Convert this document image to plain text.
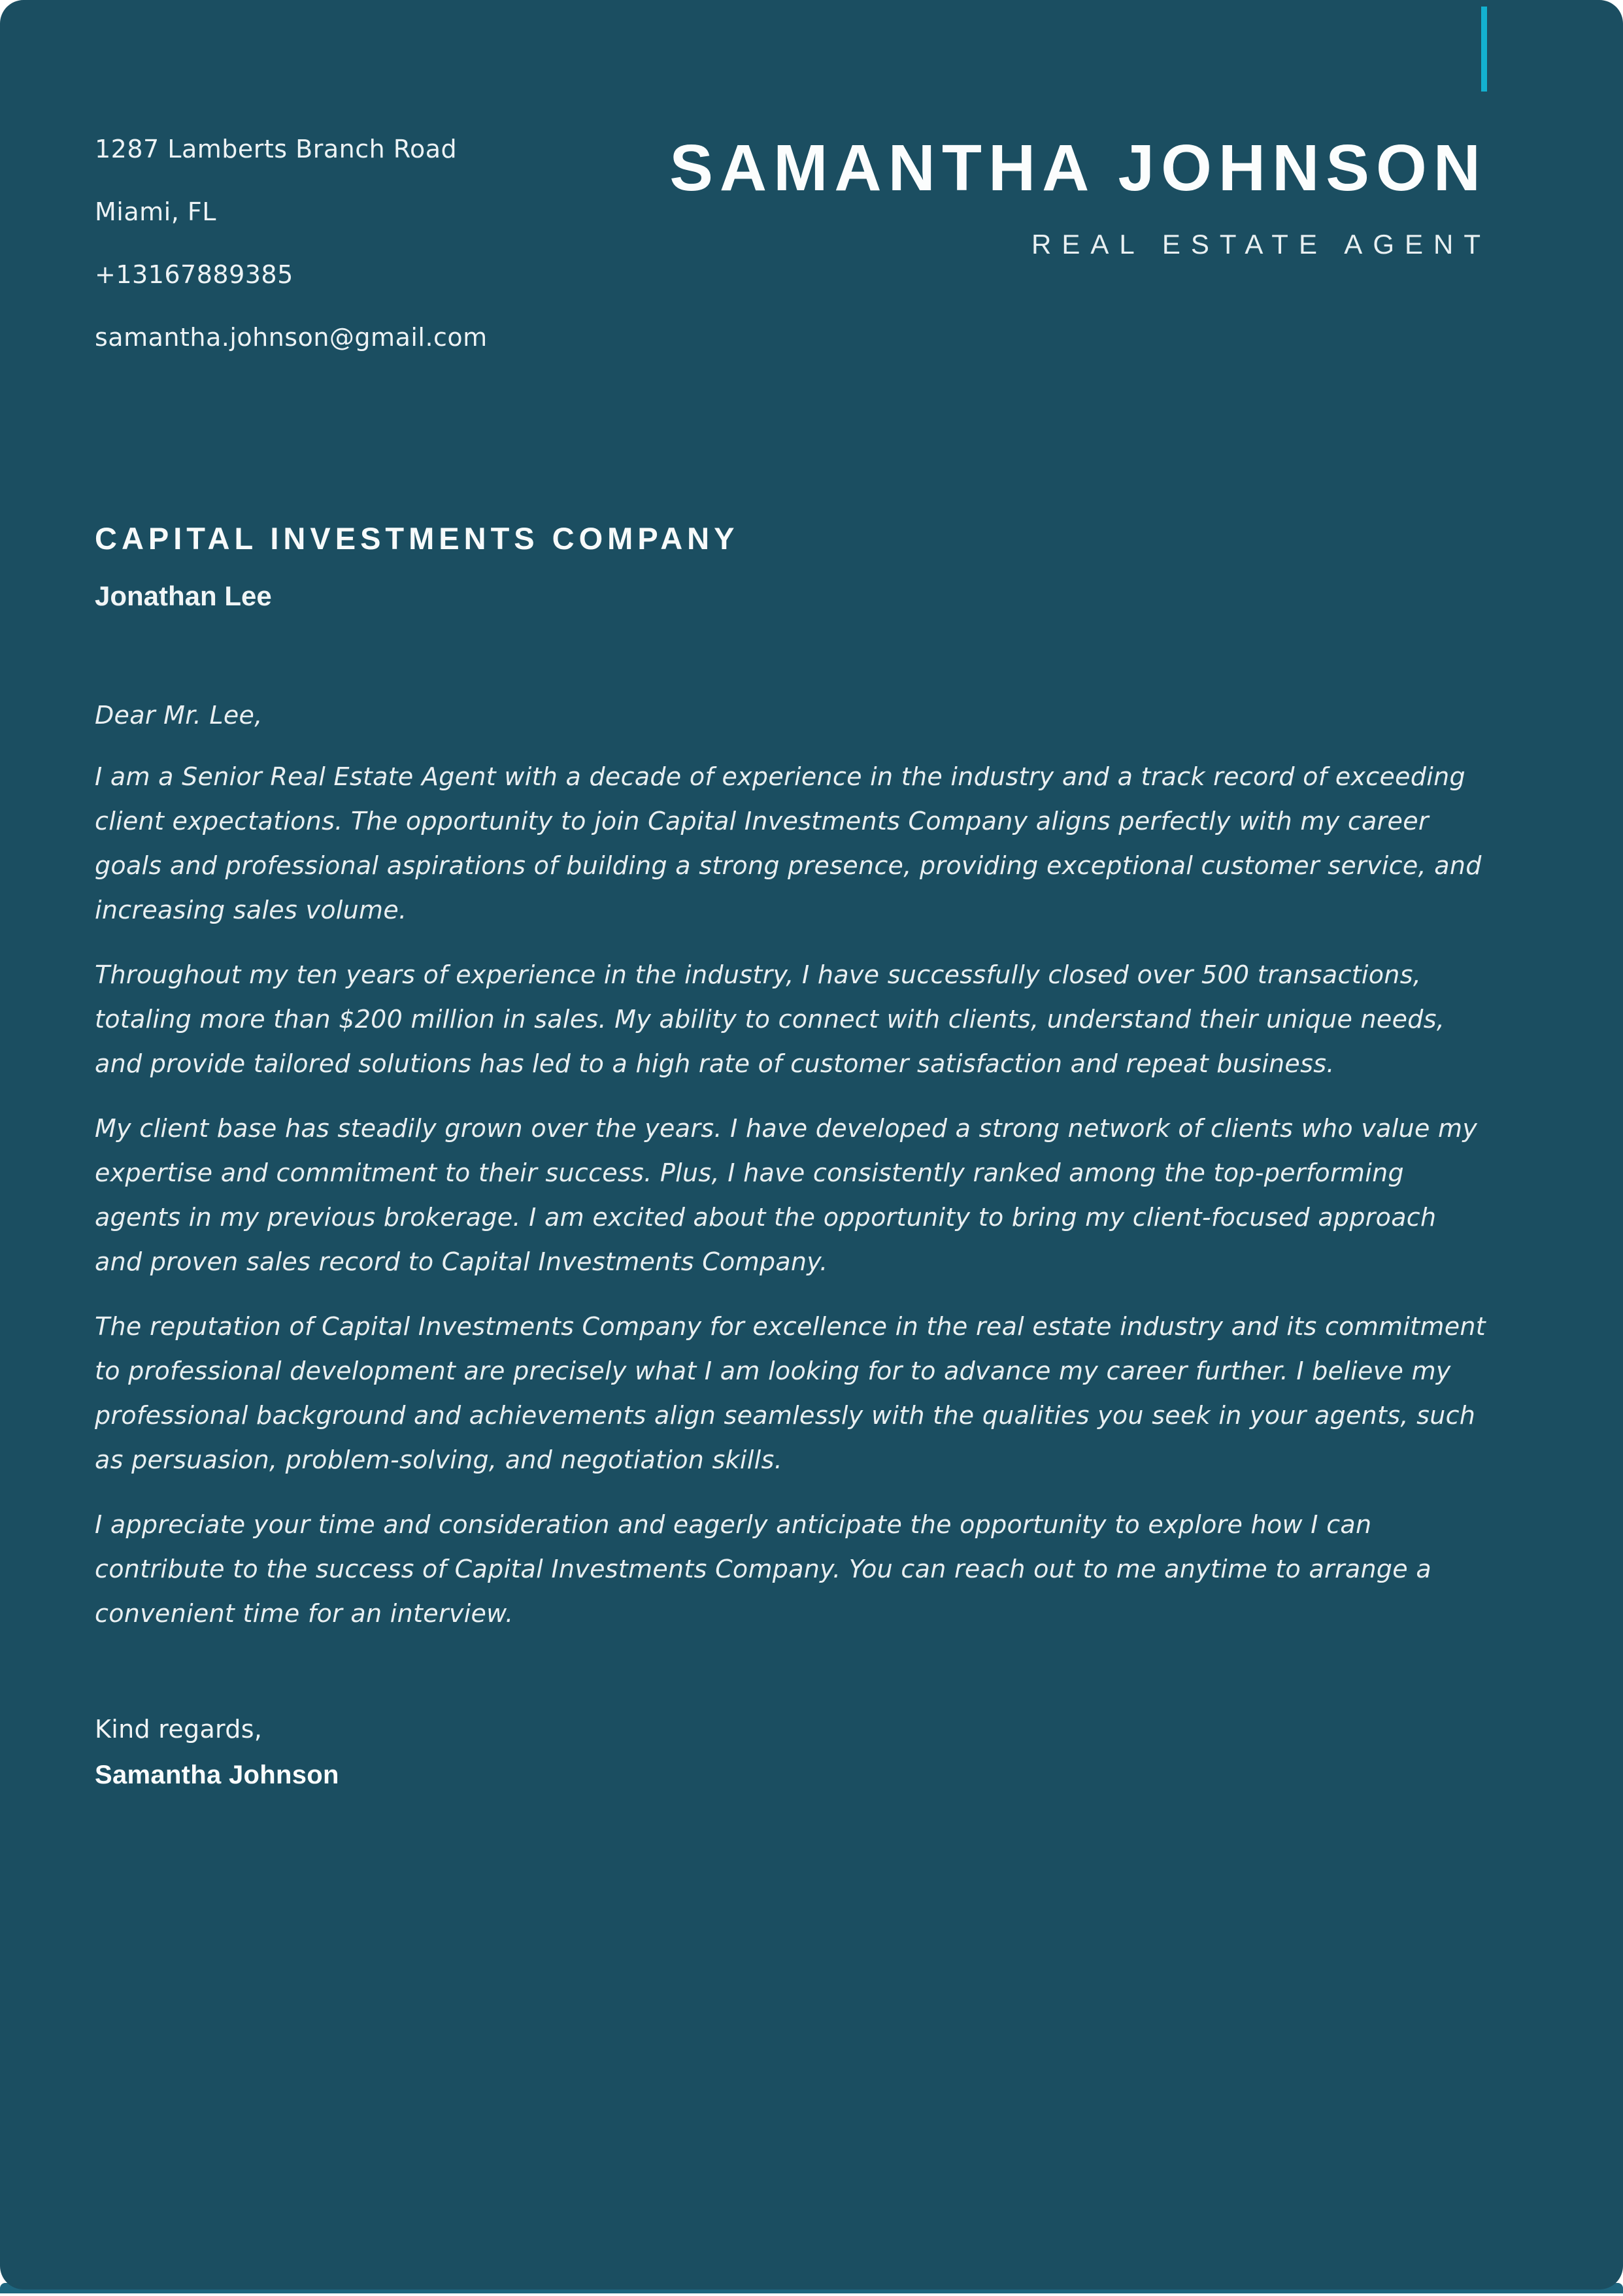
1287 Lamberts Branch Road
Miami, FL
+13167889385
samantha.johnson@gmail.com
SAMANTHA JOHNSON
REAL ESTATE AGENT
CAPITAL INVESTMENTS COMPANY
Jonathan Lee

Dear Mr. Lee,

I am a Senior Real Estate Agent with a decade of experience in the industry and a track record of exceeding client expectations. The opportunity to join Capital Investments Company aligns perfectly with my career goals and professional aspirations of building a strong presence, providing exceptional customer service, and increasing sales volume.

Throughout my ten years of experience in the industry, I have successfully closed over 500 transactions, totaling more than $200 million in sales. My ability to connect with clients, understand their unique needs, and provide tailored solutions has led to a high rate of customer satisfaction and repeat business.

My client base has steadily grown over the years. I have developed a strong network of clients who value my expertise and commitment to their success. Plus, I have consistently ranked among the top-performing agents in my previous brokerage. I am excited about the opportunity to bring my client-focused approach and proven sales record to Capital Investments Company.

The reputation of Capital Investments Company for excellence in the real estate industry and its commitment to professional development are precisely what I am looking for to advance my career further. I believe my professional background and achievements align seamlessly with the qualities you seek in your agents, such as persuasion, problem-solving, and negotiation skills.

I appreciate your time and consideration and eagerly anticipate the opportunity to explore how I can contribute to the success of Capital Investments Company. You can reach out to me anytime to arrange a convenient time for an interview.

Kind regards,

Samantha Johnson
